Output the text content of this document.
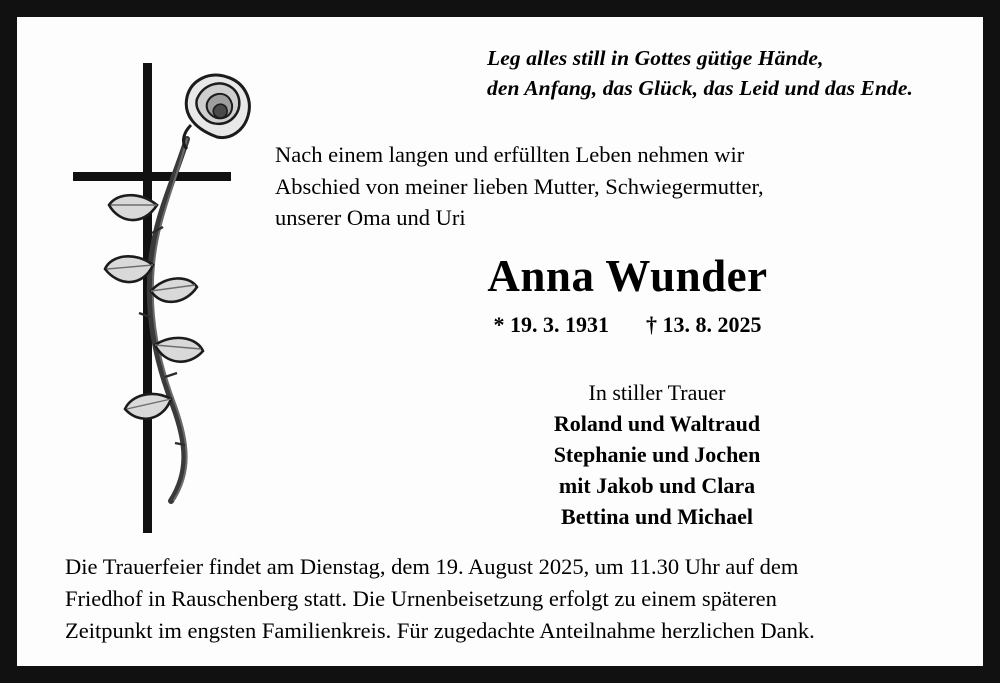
Leg alles still in Gottes gütige Hände,
den Anfang, das Glück, das Leid und das Ende.
Nach einem langen und erfüllten Leben nehmen wir
Abschied von meiner lieben Mutter, Schwiegermutter,
unserer Oma und Uri
Anna Wunder
* 19. 3. 1931 † 13. 8. 2025
In stiller Trauer
Roland und Waltraud
Stephanie und Jochen
mit Jakob und Clara
Bettina und Michael
Die Trauerfeier findet am Dienstag, dem 19. August 2025, um 11.30 Uhr auf dem
Friedhof in Rauschenberg statt. Die Urnenbeisetzung erfolgt zu einem späteren
Zeitpunkt im engsten Familienkreis. Für zugedachte Anteilnahme herzlichen Dank.
